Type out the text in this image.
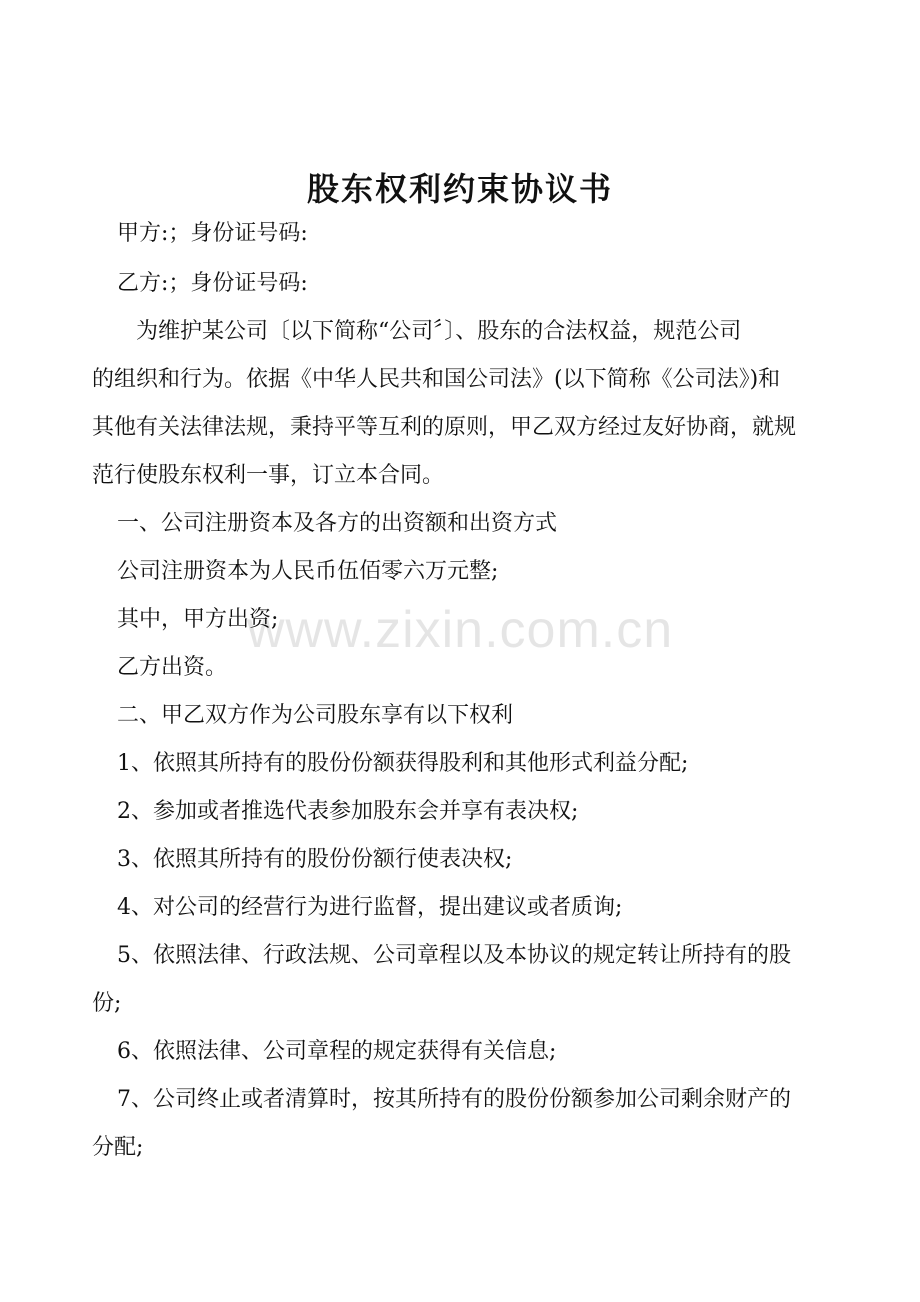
股东权利约束协议书
甲方:；身份证号码:
乙方:；身份证号码:
　　为维护某公司〔以下简称“公司〞〕、股东的合法权益，规范公司
的组织和行为。依据《中华人民共和国公司法》(以下简称《公司法》)和
其他有关法律法规，秉持平等互利的原则，甲乙双方经过友好协商，就规
范行使股东权利一事，订立本合同。
一、公司注册资本及各方的出资额和出资方式
公司注册资本为人民币伍佰零六万元整;
其中，甲方出资;
乙方出资。
二、甲乙双方作为公司股东享有以下权利
1、依照其所持有的股份份额获得股利和其他形式利益分配;
2、参加或者推选代表参加股东会并享有表决权;
3、依照其所持有的股份份额行使表决权;
4、对公司的经营行为进行监督，提出建议或者质询;
5、依照法律、行政法规、公司章程以及本协议的规定转让所持有的股
份;
6、依照法律、公司章程的规定获得有关信息;
7、公司终止或者清算时，按其所持有的股份份额参加公司剩余财产的
分配;
www.zixin.com.cn
